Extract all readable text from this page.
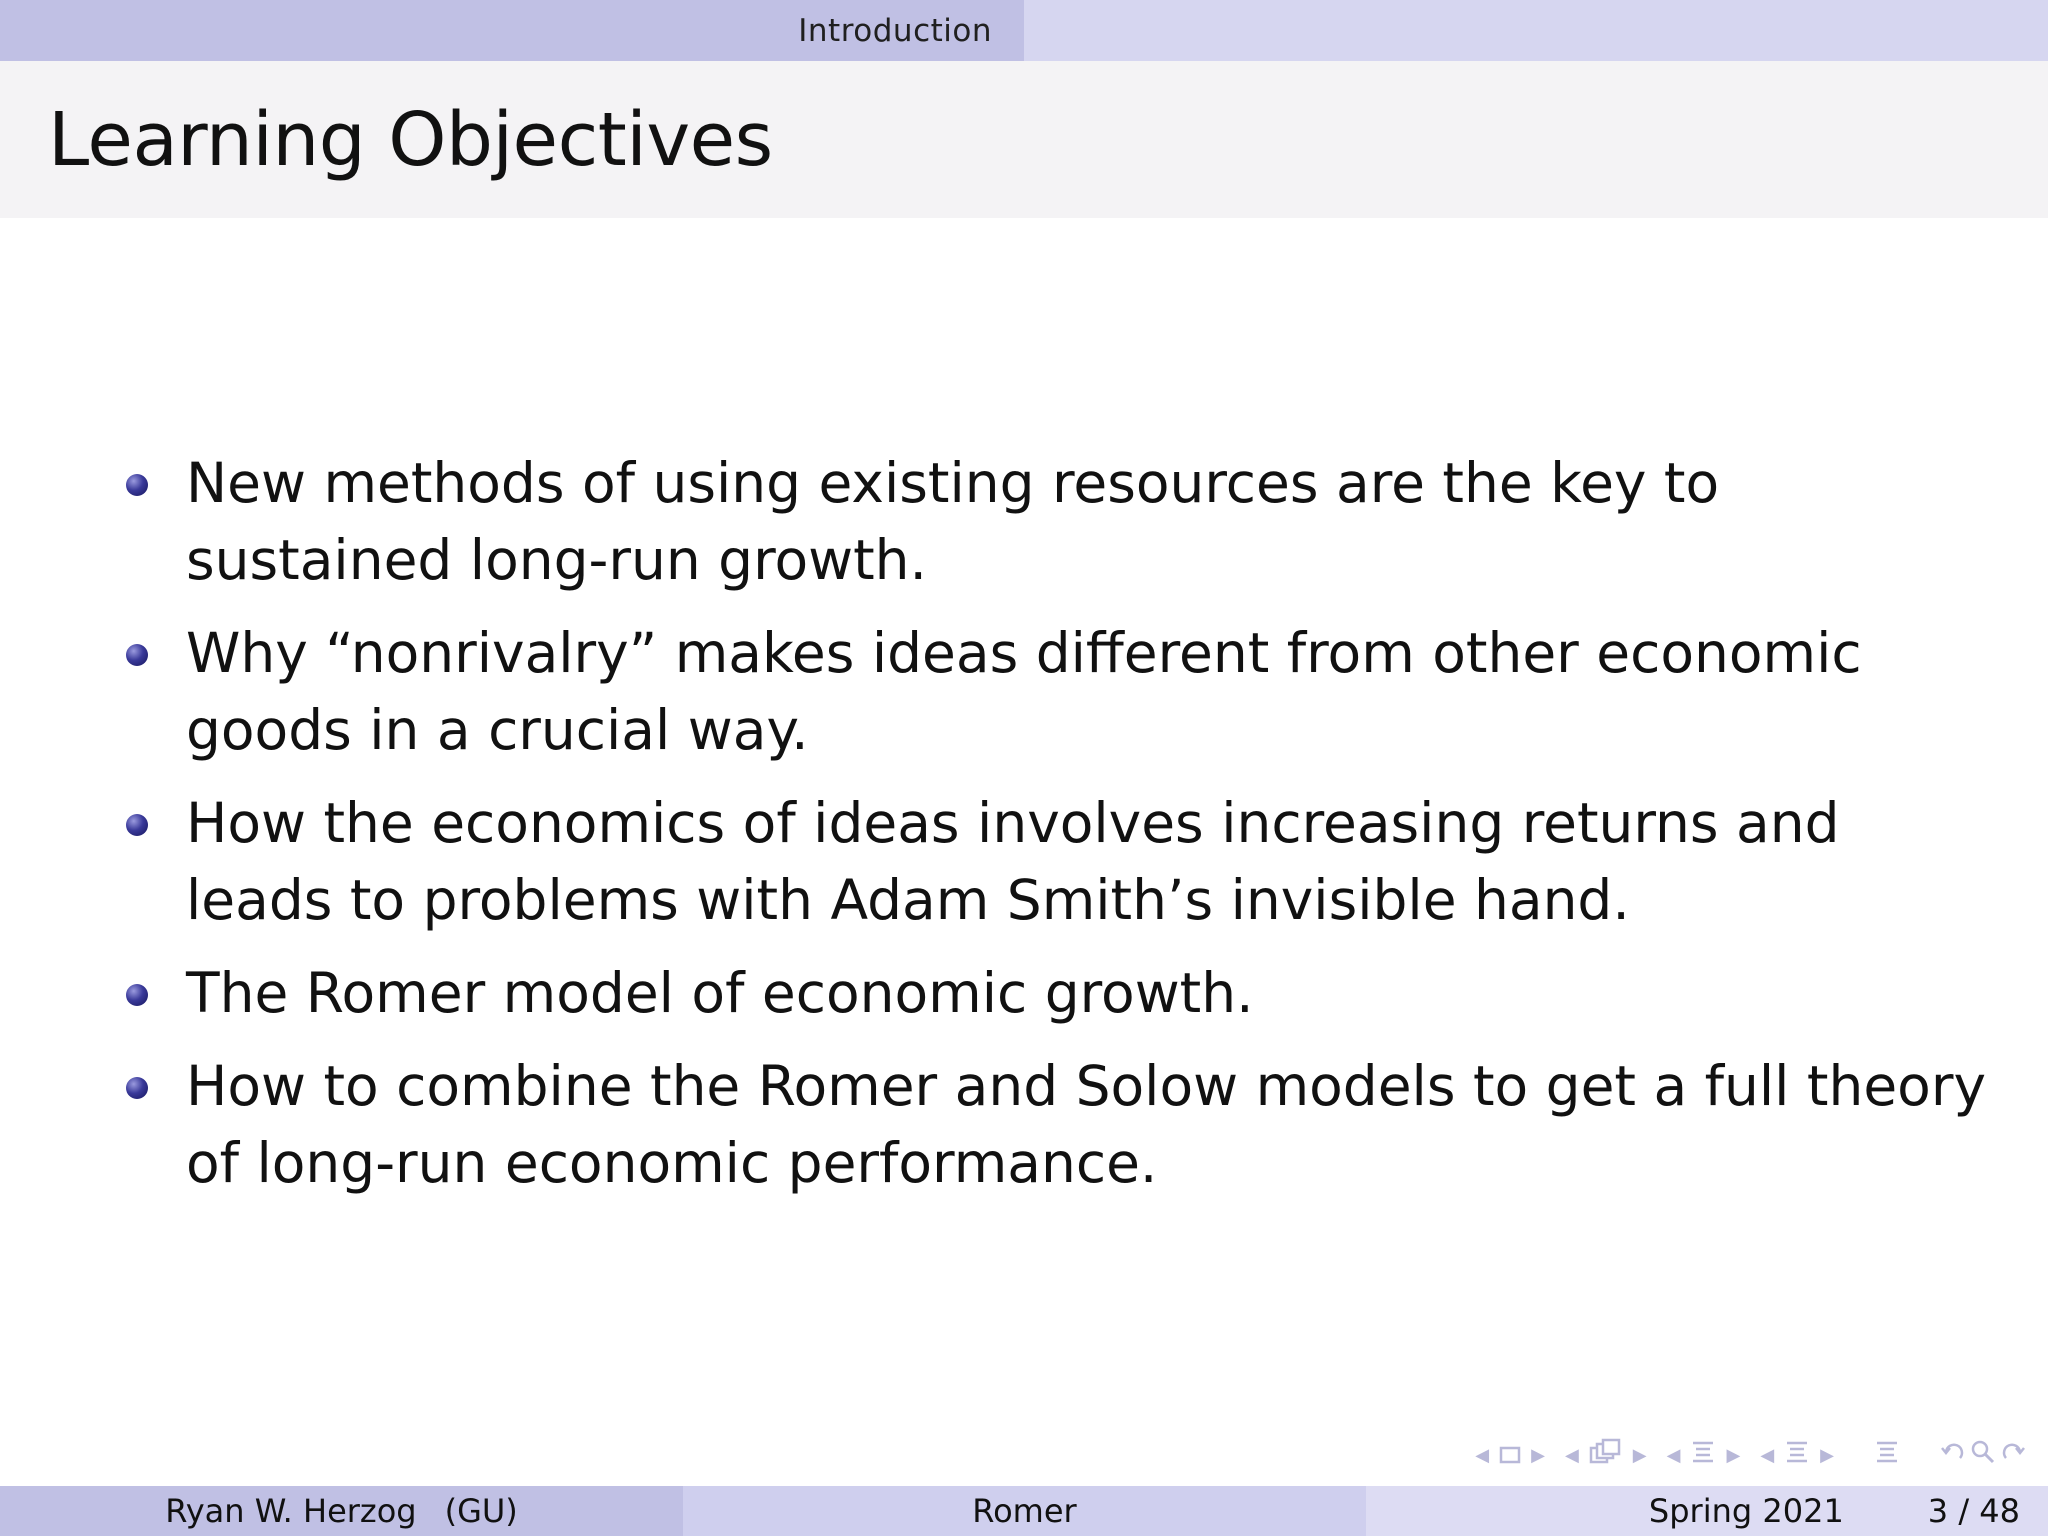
Introduction
Learning Objectives
New methods of using existing resources are the key to sustained long-run growth.
Why “nonrivalry” makes ideas different from other economic goods in a crucial way.
How the economics of ideas involves increasing returns and leads to problems with Adam Smith’s invisible hand.
The Romer model of economic growth.
How to combine the Romer and Solow models to get a full theory of long-run economic performance.
◀ ▶ ◀	▶ ◀	▶ ◀	▶
Ryan W. Herzog (GU)	Romer	Spring 2021	3 / 48
